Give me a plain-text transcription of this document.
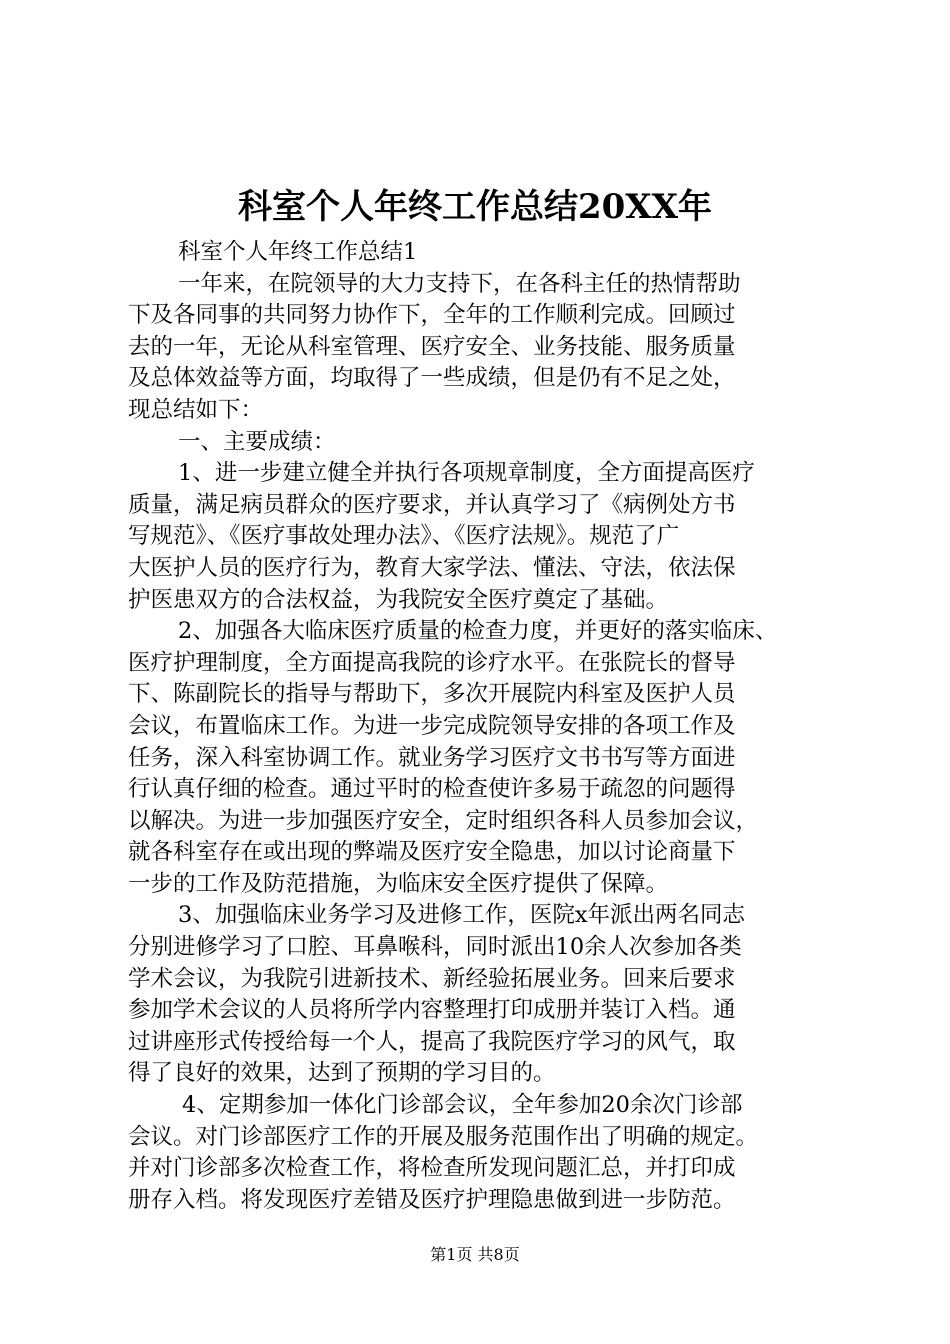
科室个人年终工作总结20XX年
科室个人年终工作总结1
一年来，在院领导的大力支持下，在各科主任的热情帮助
下及各同事的共同努力协作下，全年的工作顺利完成。回顾过
去的一年，无论从科室管理、医疗安全、业务技能、服务质量
及总体效益等方面，均取得了一些成绩，但是仍有不足之处，
现总结如下：
一、主要成绩：
1、进一步建立健全并执行各项规章制度，全方面提高医疗
质量，满足病员群众的医疗要求，并认真学习了《病例处方书
写规范》、《医疗事故处理办法》、《医疗法规》。规范了广
大医护人员的医疗行为，教育大家学法、懂法、守法，依法保
护医患双方的合法权益，为我院安全医疗奠定了基础。
2、加强各大临床医疗质量的检查力度，并更好的落实临床、
医疗护理制度，全方面提高我院的诊疗水平。在张院长的督导
下、陈副院长的指导与帮助下，多次开展院内科室及医护人员
会议，布置临床工作。为进一步完成院领导安排的各项工作及
任务，深入科室协调工作。就业务学习医疗文书书写等方面进
行认真仔细的检查。通过平时的检查使许多易于疏忽的问题得
以解决。为进一步加强医疗安全，定时组织各科人员参加会议，
就各科室存在或出现的弊端及医疗安全隐患，加以讨论商量下
一步的工作及防范措施，为临床安全医疗提供了保障。
3、加强临床业务学习及进修工作，医院x年派出两名同志
分别进修学习了口腔、耳鼻喉科，同时派出10余人次参加各类
学术会议，为我院引进新技术、新经验拓展业务。回来后要求
参加学术会议的人员将所学内容整理打印成册并装订入档。通
过讲座形式传授给每一个人，提高了我院医疗学习的风气，取
得了良好的效果，达到了预期的学习目的。
4、定期参加一体化门诊部会议，全年参加20余次门诊部
会议。对门诊部医疗工作的开展及服务范围作出了明确的规定。
并对门诊部多次检查工作，将检查所发现问题汇总，并打印成
册存入档。将发现医疗差错及医疗护理隐患做到进一步防范。
第1页 共8页
